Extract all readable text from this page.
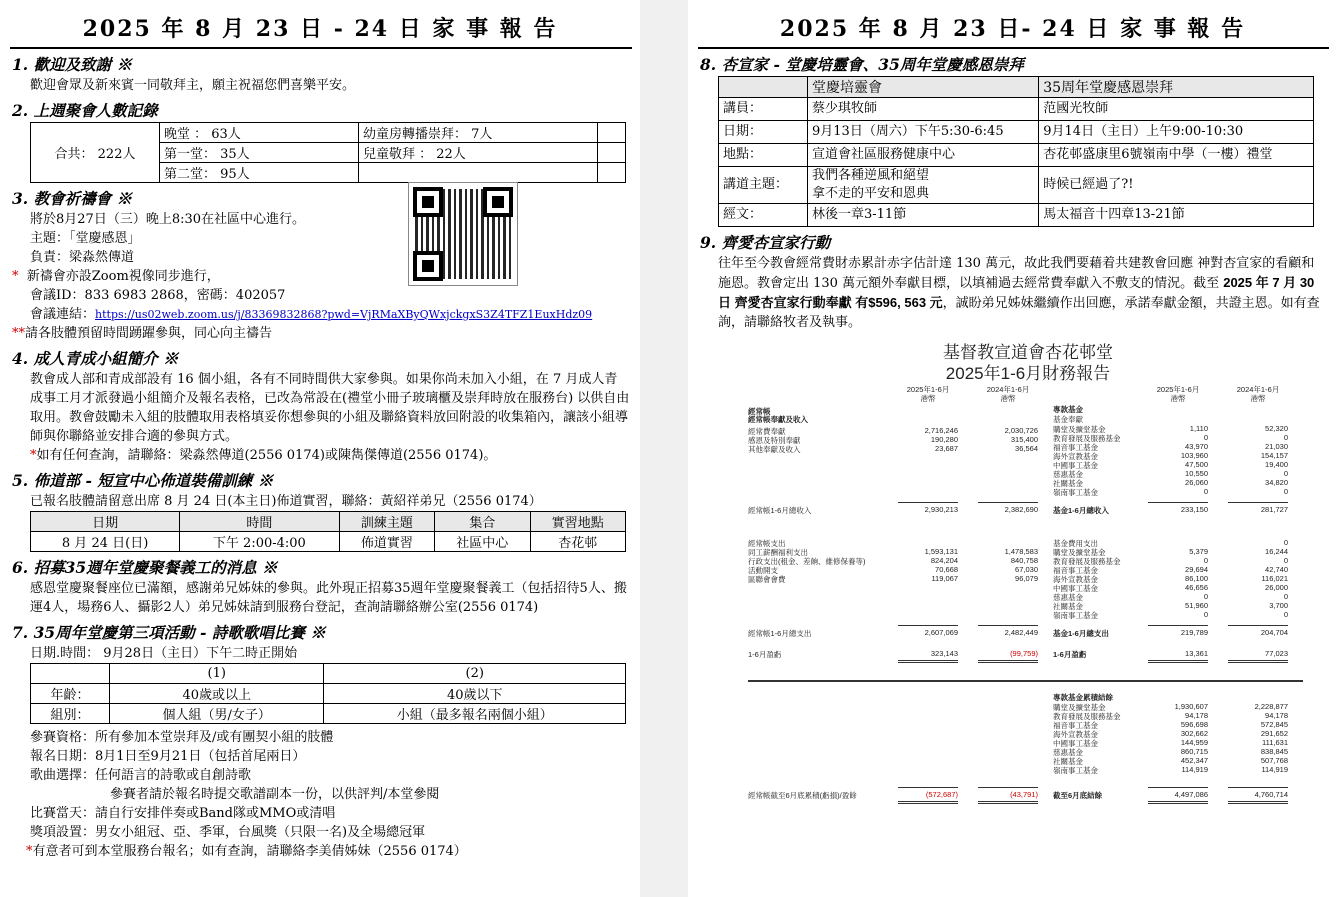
2025 年 8 月 23 日 - 24 日 家 事 報 告
1. 歡迎及致謝 ※
歡迎會眾及新來賓一同敬拜主，願主祝福您們喜樂平安。
2. 上週聚會人數記錄
合共： 222人	晚堂 ： 63人	幼童房轉播崇拜： 7人	
	第一堂： 35人	兒童敬拜 ： 22人	
	第二堂： 95人		
3. 教會祈禱會 ※
將於8月27日（三）晚上8:30在社區中心進行。
主題：「堂慶感恩」
負責：梁淼然傳道
*  新禱會亦設Zoom視像同步進行，
會議ID：833 6983 2868，密碼：402057
會議連結：https://us02web.zoom.us/j/83369832868?pwd=VjRMaXByQWxjckgxS3Z4TFZ1EuxHdz09
**請各肢體預留時間踴躍參與，同心向主禱告
4. 成人青成小組簡介 ※
教會成人部和青成部設有 16 個小組，各有不同時間供大家參與。如果你尚未加入小組，在 7 月成人青成事工月才派發過小組簡介及報名表格，已改為常設在(禮堂小冊子玻璃櫃及崇拜時放在服務台) 以供自由取用。教會鼓勵未入組的肢體取用表格填妥你想參與的小組及聯絡資料放回附設的收集箱內，讓該小組導師與你聯絡並安排合適的參與方式。
*如有任何查詢，請聯絡：梁淼然傳道(2556 0174)或陳雋傑傳道(2556 0174)。
5. 佈道部 - 短宣中心佈道裝備訓練 ※
已報名肢體請留意出席 8 月 24 日(本主日)佈道實習，聯絡：黃紹祥弟兄（2556 0174）
日期	時間	訓練主題	集合	實習地點
8 月 24 日(日)	下午 2:00-4:00	佈道實習	社區中心	杏花邨
6. 招募35週年堂慶聚餐義工的消息 ※
感恩堂慶聚餐座位已滿額，感謝弟兄姊妹的參與。此外現正招募35週年堂慶聚餐義工（包括招待5人、搬運4人，場務6人、攝影2人）弟兄姊妹請到服務台登記，查詢請聯絡辦公室(2556 0174)
7. 35周年堂慶第三項活動 - 詩歌歌唱比賽 ※
日期.時間： 9月28日（主日）下午二時正開始
	(1)	(2)
年齡：	40歲或以上	40歲以下
組別：	個人組（男/女子）	小組（最多報名兩個小組）
參賽資格：所有參加本堂崇拜及/或有團契小組的肢體
報名日期：8月1日至9月21日（包括首尾兩日）
歌曲選擇：任何語言的詩歌或自創詩歌
參賽者請於報名時提交歌譜副本一份，以供評判/本堂參閱
比賽當天：請自行安排伴奏或Band隊或MMO或清唱
獎項設置：男女小組冠、亞、季軍，台風獎（只限一名)及全場總冠軍
*有意者可到本堂服務台報名；如有查詢，請聯絡李美倩姊妹（2556 0174）
2025 年 8 月 23 日- 24 日 家 事 報 告
8. 杏宣家 - 堂慶培靈會、35周年堂慶感恩崇拜
	堂慶培靈會	35周年堂慶感恩崇拜
講員：	蔡少琪牧師	范國光牧師
日期：	9月13日（周六）下午5:30-6:45	9月14日（主日）上午9:00-10:30
地點：	宣道會社區服務健康中心	杏花邨盛康里6號嶺南中學（一樓）禮堂
講道主題：	我們各種逆風和絕望
拿不走的平安和恩典	時候已經過了?!
經文：	林後一章3-11節	馬太福音十四章13-21節
9. 齊愛杏宣家行動
往年至今教會經常費財赤累計赤字估計達 130 萬元，故此我們要藉着共建教會回應 神對杏宣家的看顧和施恩。教會定出 130 萬元額外奉獻目標，以填補過去經常費奉獻入不敷支的情況。截至 2025 年 7 月 30 日 齊愛杏宣家行動奉獻 有$596, 563 元，誠盼弟兄姊妹繼續作出回應，承諾奉獻金額，共證主恩。如有查詢，請聯絡牧者及執事。
基督教宣道會杏花邨堂
2025年1-6月財務報告
2025年1-6月	2024年1-6月	2025年1-6月	2024年1-6月
港幣	港幣	港幣	港幣
經常帳
經常帳奉獻及收入
經常費奉獻	2,716,246	2,030,726
感恩及特別奉獻	190,280	315,400
其他奉獻及收入	23,687	36,564
經常帳1-6月總收入	2,930,213	2,382,690
經常帳支出
同工薪酬福利支出	1,593,131	1,478,583
行政支出(租金、差餉、維修保養等)	824,204	840,758
活動開支	70,668	67,030
區聯會會費	119,067	96,079
經常帳1-6月總支出	2,607,069	2,482,449
1-6月盈虧	323,143	(99,759)
經常帳截至6月底累積(虧損)/盈餘	(572,687)	(43,791)
專款基金
基金奉獻
購堂及擴堂基金	1,110	52,320
教育發展及服務基金	0	0
福音事工基金	43,970	21,030
海外宣教基金	103,960	154,157
中國事工基金	47,500	19,400
慈惠基金	10,550	0
社關基金	26,060	34,820
嶺南事工基金	0	0
基金1-6月總收入	233,150	281,727
基金費用支出	0
購堂及擴堂基金	5,379	16,244
教育發展及服務基金	0	0
福音事工基金	29,694	42,740
海外宣教基金	86,100	116,021
中國事工基金	46,656	26,000
慈惠基金	0	0
社關基金	51,960	3,700
嶺南事工基金	0	0
基金1-6月總支出	219,789	204,704
1-6月盈虧	13,361	77,023
專款基金累積結餘
購堂及擴堂基金	1,930,607	2,228,877
教育發展及服務基金	94,178	94,178
福音事工基金	596,698	572,845
海外宣教基金	302,662	291,652
中國事工基金	144,959	111,631
慈惠基金	860,715	838,845
社關基金	452,347	507,768
嶺南事工基金	114,919	114,919
截至6月底結餘	4,497,086	4,760,714
